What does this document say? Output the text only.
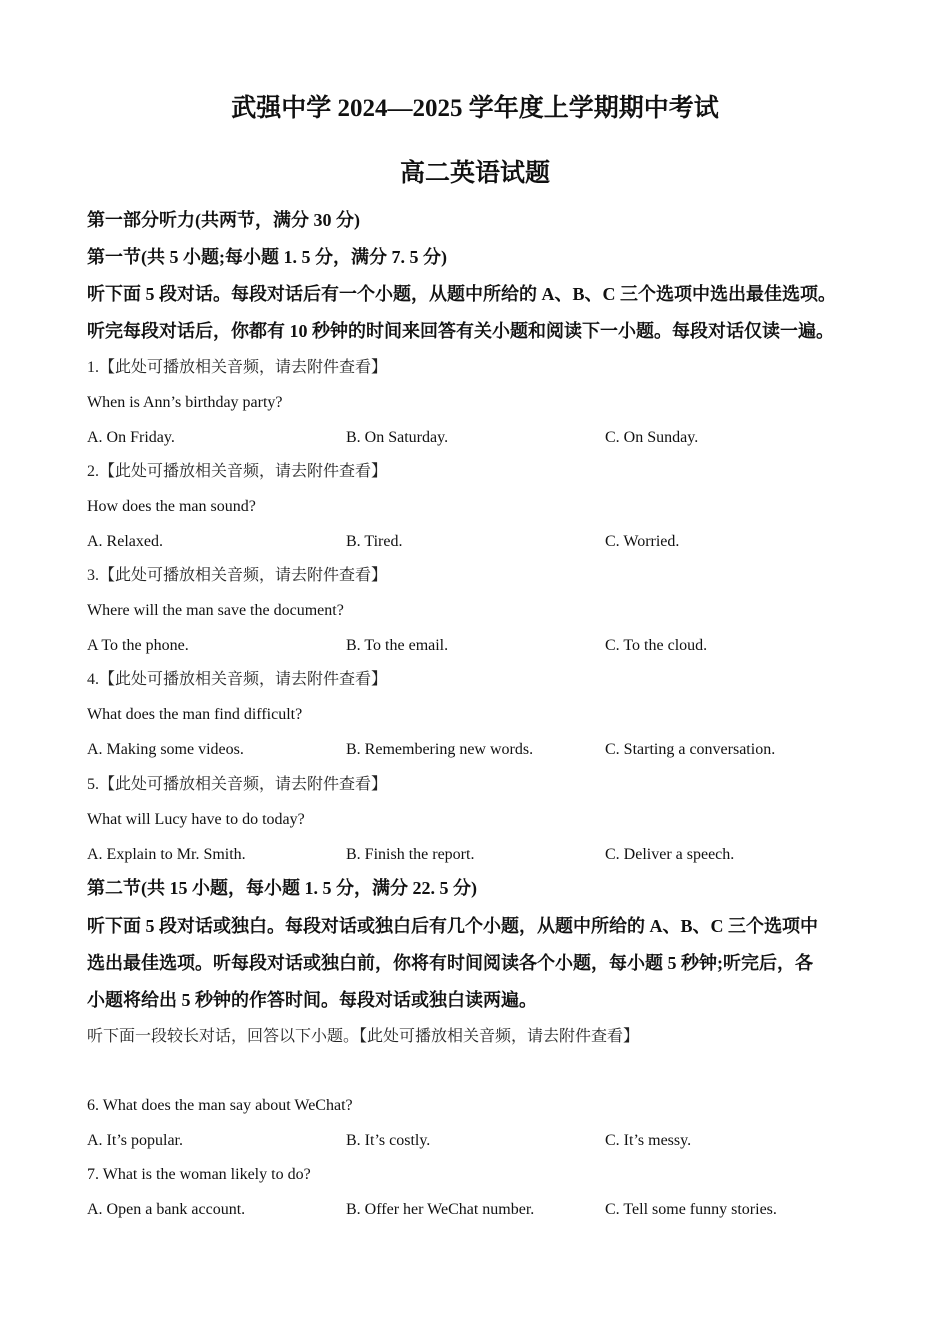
武强中学 2024—2025 学年度上学期期中考试
高二英语试题
第一部分听力(共两节，满分 30 分)
第一节(共 5 小题;每小题 1. 5 分，满分 7. 5 分)
听下面 5 段对话。每段对话后有一个小题，从题中所给的 A、B、C 三个选项中选出最佳选项。
听完每段对话后，你都有 10 秒钟的时间来回答有关小题和阅读下一小题。每段对话仅读一遍。
1.【此处可播放相关音频，请去附件查看】
When is Ann’s birthday party?
A. On Friday.	B. On Saturday.	C. On Sunday.
2.【此处可播放相关音频，请去附件查看】
How does the man sound?
A. Relaxed.	B. Tired.	C. Worried.
3.【此处可播放相关音频，请去附件查看】
Where will the man save the document?
A To the phone.	B. To the email.	C. To the cloud.
4.【此处可播放相关音频，请去附件查看】
What does the man find difficult?
A. Making some videos.	B. Remembering new words.	C. Starting a conversation.
5.【此处可播放相关音频，请去附件查看】
What will Lucy have to do today?
A. Explain to Mr. Smith.	B. Finish the report.	C. Deliver a speech.
第二节(共 15 小题，每小题 1. 5 分，满分 22. 5 分)
听下面 5 段对话或独白。每段对话或独白后有几个小题，从题中所给的 A、B、C 三个选项中
选出最佳选项。听每段对话或独白前，你将有时间阅读各个小题，每小题 5 秒钟;听完后，各
小题将给出 5 秒钟的作答时间。每段对话或独白读两遍。
听下面一段较长对话，回答以下小题。【此处可播放相关音频，请去附件查看】
6. What does the man say about WeChat?
A. It’s popular.	B. It’s costly.	C. It’s messy.
7. What is the woman likely to do?
A. Open a bank account.	B. Offer her WeChat number.	C. Tell some funny stories.
